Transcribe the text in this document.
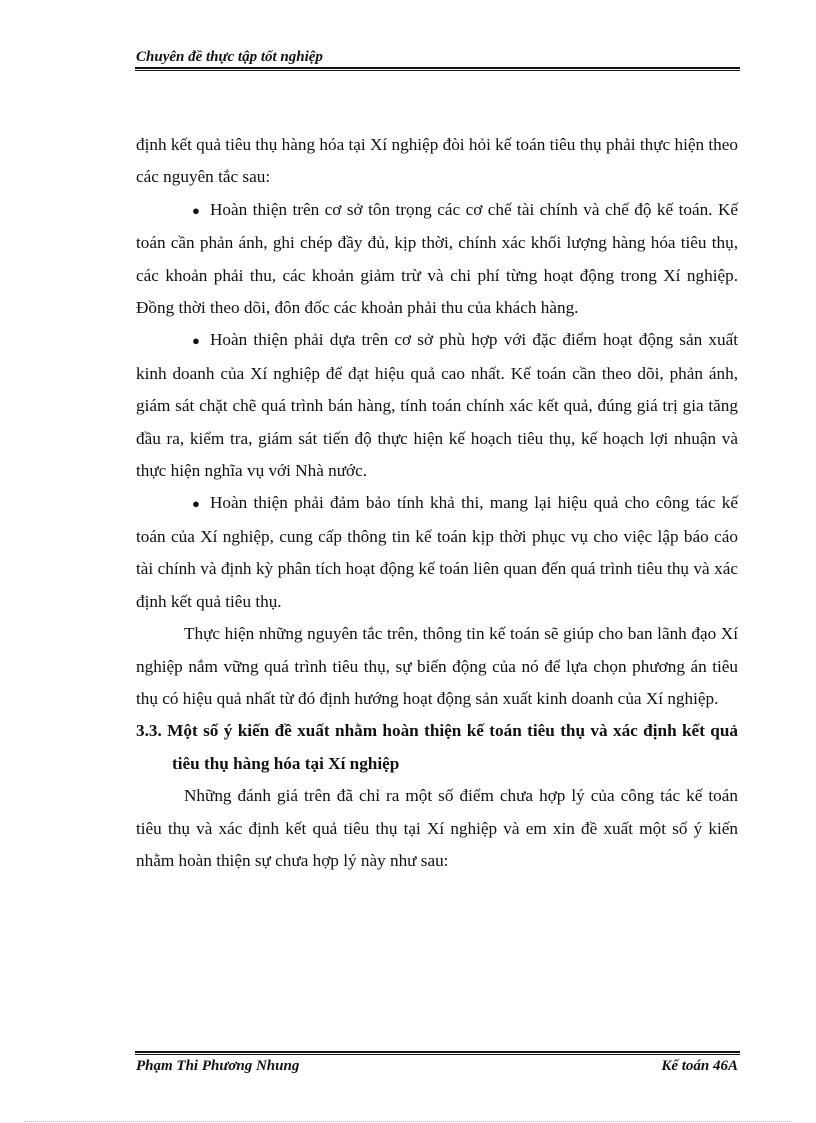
Chuyên đề thực tập tốt nghiệp

định kết quả tiêu thụ hàng hóa tại Xí nghiệp đòi hỏi kế toán tiêu thụ phải thực hiện theo các nguyên tắc sau:

● Hoàn thiện trên cơ sở tôn trọng các cơ chế tài chính và chế độ kế toán. Kế toán cần phản ánh, ghi chép đầy đủ, kịp thời, chính xác khối lượng hàng hóa tiêu thụ, các khoản phải thu, các khoản giảm trừ và chi phí từng hoạt động trong Xí nghiệp. Đồng thời theo dõi, đôn đốc các khoản phải thu của khách hàng.

● Hoàn thiện phải dựa trên cơ sở phù hợp với đặc điểm hoạt động sản xuất kinh doanh của Xí nghiệp để đạt hiệu quả cao nhất. Kế toán cần theo dõi, phản ánh, giám sát chặt chẽ quá trình bán hàng, tính toán chính xác kết quả, đúng giá trị gia tăng đầu ra, kiểm tra, giám sát tiến độ thực hiện kế hoạch tiêu thụ, kế hoạch lợi nhuận và thực hiện nghĩa vụ với Nhà nước.

● Hoàn thiện phải đảm bảo tính khả thi, mang lại hiệu quả cho công tác kế toán của Xí nghiệp, cung cấp thông tin kế toán kịp thời phục vụ cho việc lập báo cáo tài chính và định kỳ phân tích hoạt động kế toán liên quan đến quá trình tiêu thụ và xác định kết quả tiêu thụ.

Thực hiện những nguyên tắc trên, thông tin kế toán sẽ giúp cho ban lãnh đạo Xí nghiệp nắm vững quá trình tiêu thụ, sự biến động của nó để lựa chọn phương án tiêu thụ có hiệu quả nhất từ đó định hướng hoạt động sản xuất kinh doanh của Xí nghiệp.

3.3. Một số ý kiến đề xuất nhằm hoàn thiện kế toán tiêu thụ và xác định kết quả tiêu thụ hàng hóa tại Xí nghiệp

Những đánh giá trên đã chỉ ra một số điểm chưa hợp lý của công tác kế toán tiêu thụ và xác định kết quả tiêu thụ tại Xí nghiệp và em xin đề xuất một số ý kiến nhằm hoàn thiện sự chưa hợp lý này như sau:

Phạm Thi Phương Nhung	Kế toán 46A
